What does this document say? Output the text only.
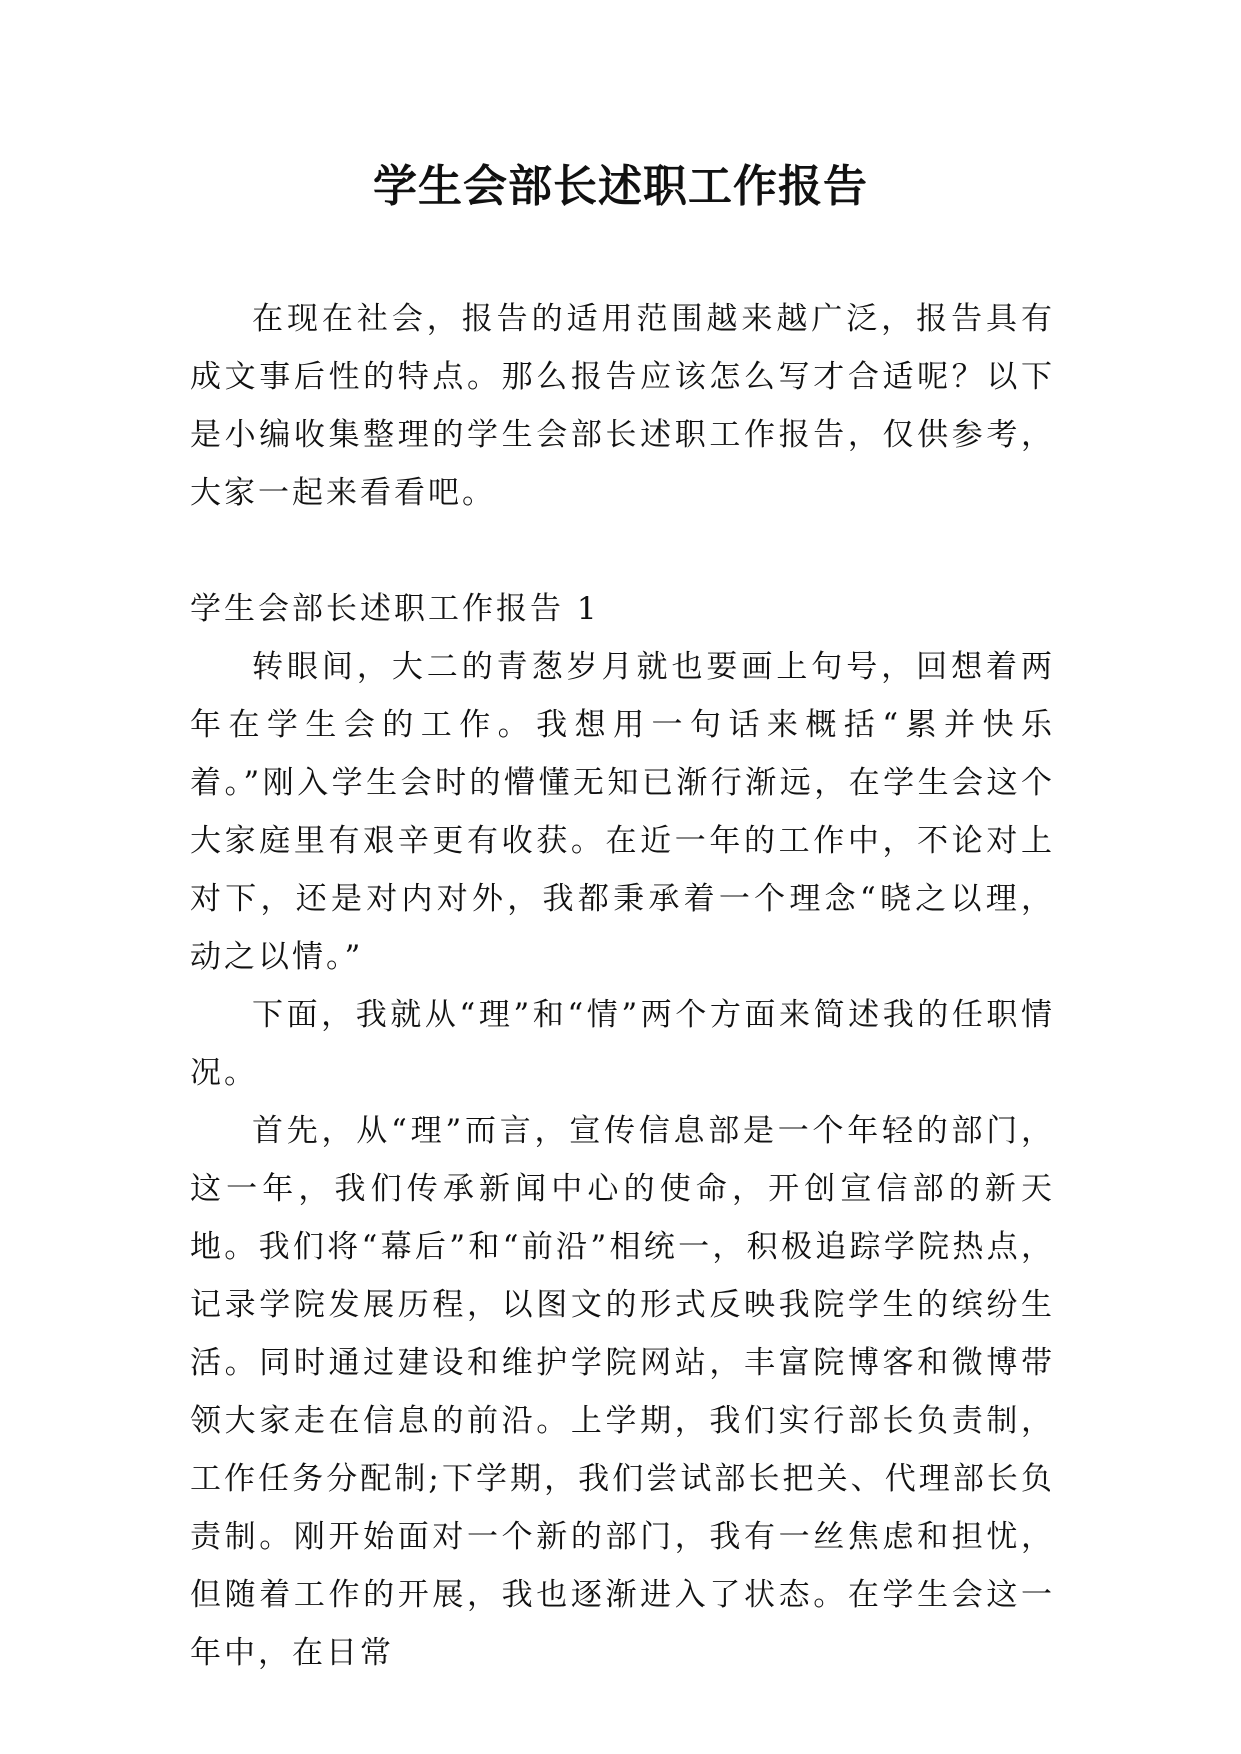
学生会部长述职工作报告

在现在社会，报告的适用范围越来越广泛，报告具有成文事后性的特点。那么报告应该怎么写才合适呢？以下是小编收集整理的学生会部长述职工作报告，仅供参考，大家一起来看看吧。

学生会部长述职工作报告 1

转眼间，大二的青葱岁月就也要画上句号，回想着两年在学生会的工作。我想用一句话来概括“累并快乐着。”刚入学生会时的懵懂无知已渐行渐远，在学生会这个大家庭里有艰辛更有收获。在近一年的工作中，不论对上对下，还是对内对外，我都秉承着一个理念“晓之以理，动之以情。”

下面，我就从“理”和“情”两个方面来简述我的任职情况。

首先，从“理”而言，宣传信息部是一个年轻的部门，这一年，我们传承新闻中心的使命，开创宣信部的新天地。我们将“幕后”和“前沿”相统一，积极追踪学院热点，记录学院发展历程，以图文的形式反映我院学生的缤纷生活。同时通过建设和维护学院网站，丰富院博客和微博带领大家走在信息的前沿。上学期，我们实行部长负责制，工作任务分配制;下学期，我们尝试部长把关、代理部长负责制。刚开始面对一个新的部门，我有一丝焦虑和担忧，但随着工作的开展，我也逐渐进入了状态。在学生会这一年中，在日常
